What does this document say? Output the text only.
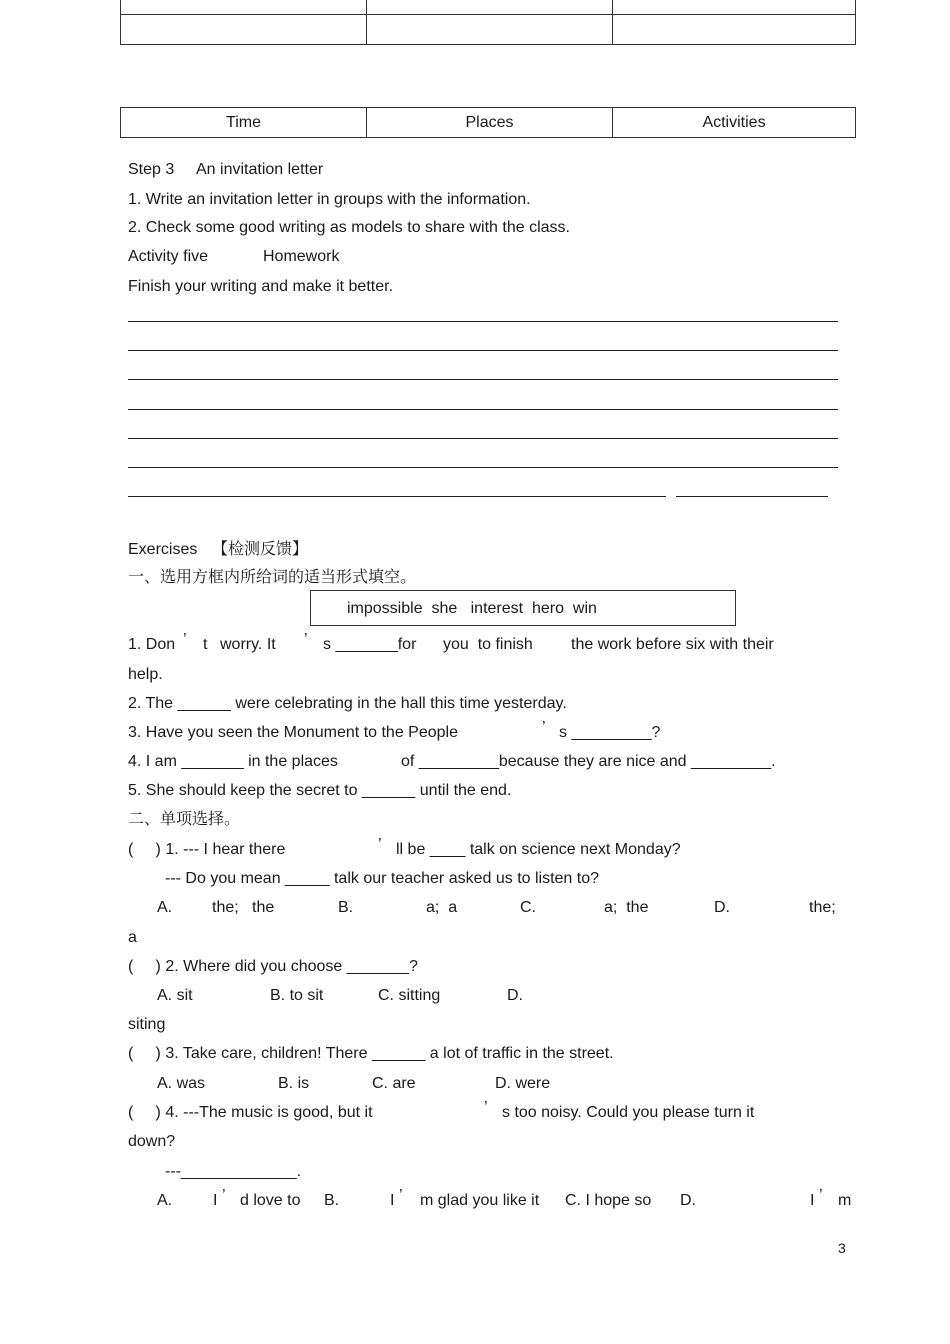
Time	Places	Activities
Step 3 An invitation letter
1. Write an invitation letter in groups with the information.
2. Check some good writing as models to share with the class.
Activity five	Homework
Finish your writing and make it better.
Exercises 【检测反馈】
一、选用方框内所给词的适当形式填空。
impossible  she   interest  hero  win
1. Don ’ t worry. It ’ s _______for you  to finish the work before six with their
help.
2. The ______ were celebrating in the hall this time yesterday.
3. Have you seen the Monument to the People	’ s _________?
4. I am _______ in the places	of _________because they are nice and _________.
5. She should keep the secret to ______ until the end.
二、单项选择。
(     ) 1. --- I hear there	’ ll be ____ talk on science next Monday?
--- Do you mean _____ talk our teacher asked us to listen to?
A. the;   the	B.	a;  a	C.	a;  the	D.	the;
a
(     ) 2. Where did you choose _______?
A. sit	B. to sit	C. sitting	D.
siting
(     ) 3. Take care, children! There ______ a lot of traffic in the street.
A. was	B. is	C. are	D. were
(     ) 4. ---The music is good, but it	’ s too noisy. Could you please turn it
down?
---_____________.
A.	I ’ d love to B.	I ’ m glad you like it C. I hope so D.	I ’ m
3
